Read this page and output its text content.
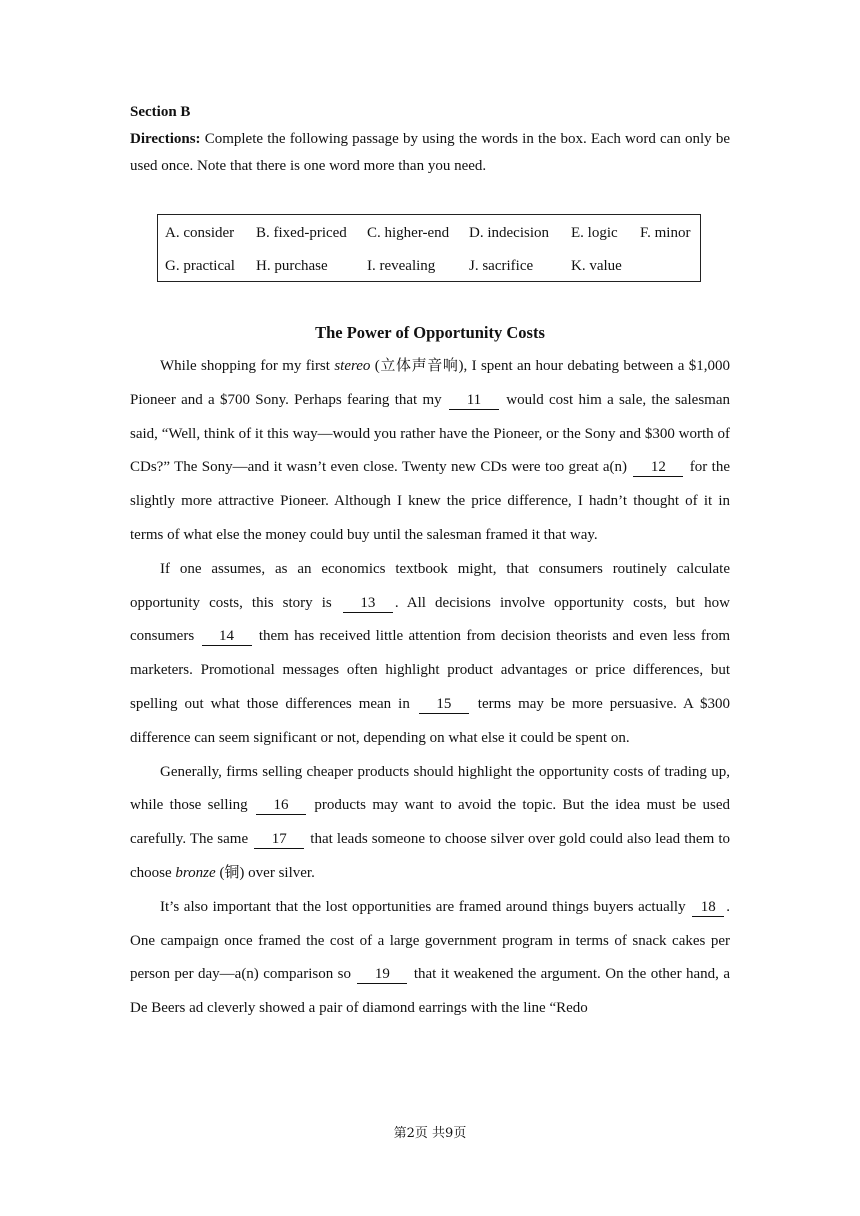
Section B

Directions: Complete the following passage by using the words in the box. Each word can only be used once. Note that there is one word more than you need.

A. consider B. fixed-priced C. higher-end D. indecision E. logic F. minor
G. practical H. purchase	I. revealing J. sacrifice	K. value
The Power of Opportunity Costs

While shopping for my first stereo (立体声音响), I spent an hour debating between a $1,000 Pioneer and a $700 Sony. Perhaps fearing that my 11 would cost him a sale, the salesman said, “Well, think of it this way—would you rather have the Pioneer, or the Sony and $300 worth of CDs?” The Sony—and it wasn’t even close. Twenty new CDs were too great a(n) 12 for the slightly more attractive Pioneer. Although I knew the price difference, I hadn’t thought of it in terms of what else the money could buy until the salesman framed it that way.

If one assumes, as an economics textbook might, that consumers routinely calculate opportunity costs, this story is 13 . All decisions involve opportunity costs, but how consumers 14 them has received little attention from decision theorists and even less from marketers. Promotional messages often highlight product advantages or price differences, but spelling out what those differences mean in 15 terms may be more persuasive. A $300 difference can seem significant or not, depending on what else it could be spent on.

Generally, firms selling cheaper products should highlight the opportunity costs of trading up, while those selling 16 products may want to avoid the topic. But the idea must be used carefully. The same 17 that leads someone to choose silver over gold could also lead them to choose bronze (铜) over silver.

It’s also important that the lost opportunities are framed around things buyers actually 18 . One campaign once framed the cost of a large government program in terms of snack cakes per person per day—a(n) comparison so 19 that it weakened the argument. On the other hand, a De Beers ad cleverly showed a pair of diamond earrings with the line “Redo

第2页 共9页
